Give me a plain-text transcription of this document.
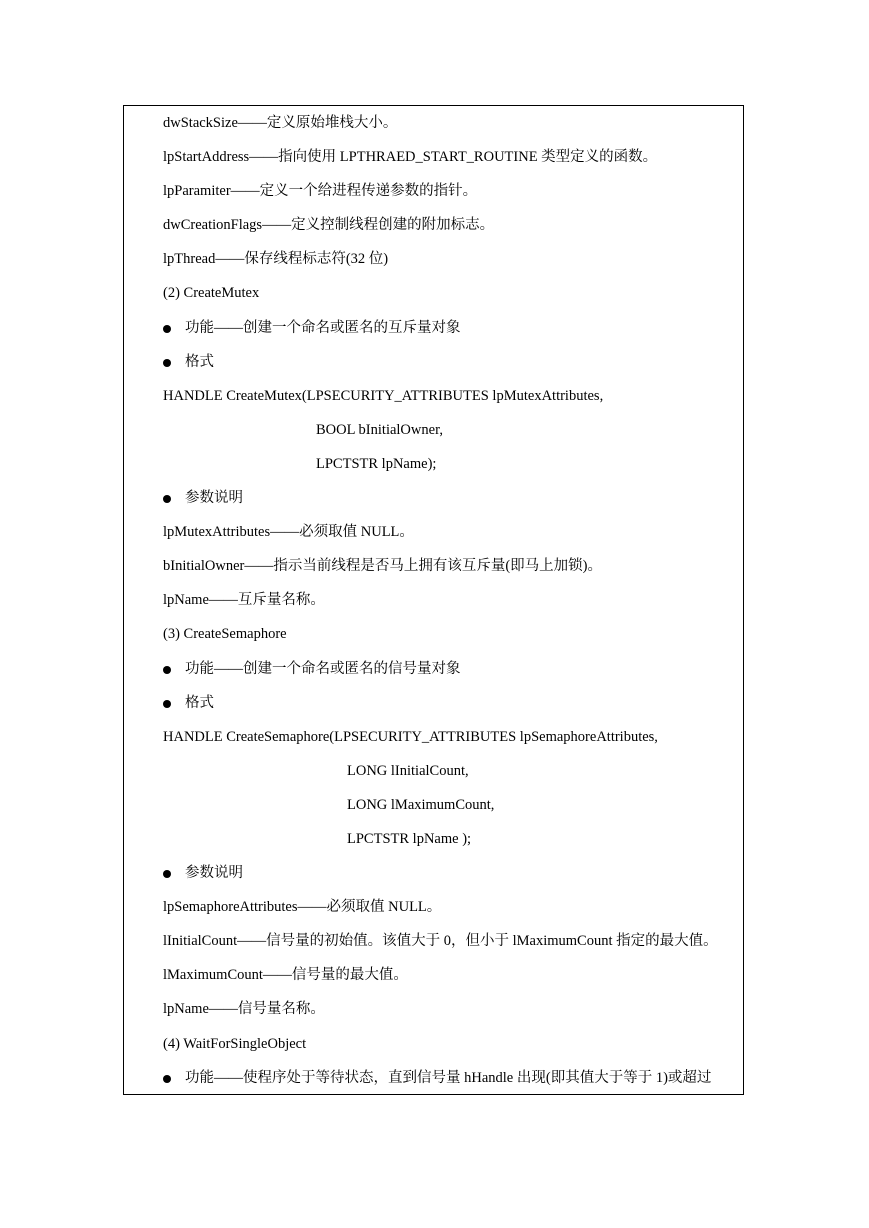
dwStackSize——定义原始堆栈大小。
lpStartAddress——指向使用 LPTHRAED_START_ROUTINE 类型定义的函数。
lpParamiter——定义一个给进程传递参数的指针。
dwCreationFlags——定义控制线程创建的附加标志。
lpThread——保存线程标志符(32 位)
(2) CreateMutex
功能——创建一个命名或匿名的互斥量对象
格式
HANDLE CreateMutex(LPSECURITY_ATTRIBUTES lpMutexAttributes,
BOOL bInitialOwner,
LPCTSTR lpName);
参数说明
lpMutexAttributes——必须取值 NULL。
bInitialOwner——指示当前线程是否马上拥有该互斥量(即马上加锁)。
lpName——互斥量名称。
(3) CreateSemaphore
功能——创建一个命名或匿名的信号量对象
格式
HANDLE CreateSemaphore(LPSECURITY_ATTRIBUTES lpSemaphoreAttributes,
LONG lInitialCount,
LONG lMaximumCount,
LPCTSTR lpName );
参数说明
lpSemaphoreAttributes——必须取值 NULL。
lInitialCount——信号量的初始值。该值大于 0，但小于 lMaximumCount 指定的最大值。
lMaximumCount——信号量的最大值。
lpName——信号量名称。
(4) WaitForSingleObject
功能——使程序处于等待状态，直到信号量 hHandle 出现(即其值大于等于 1)或超过
